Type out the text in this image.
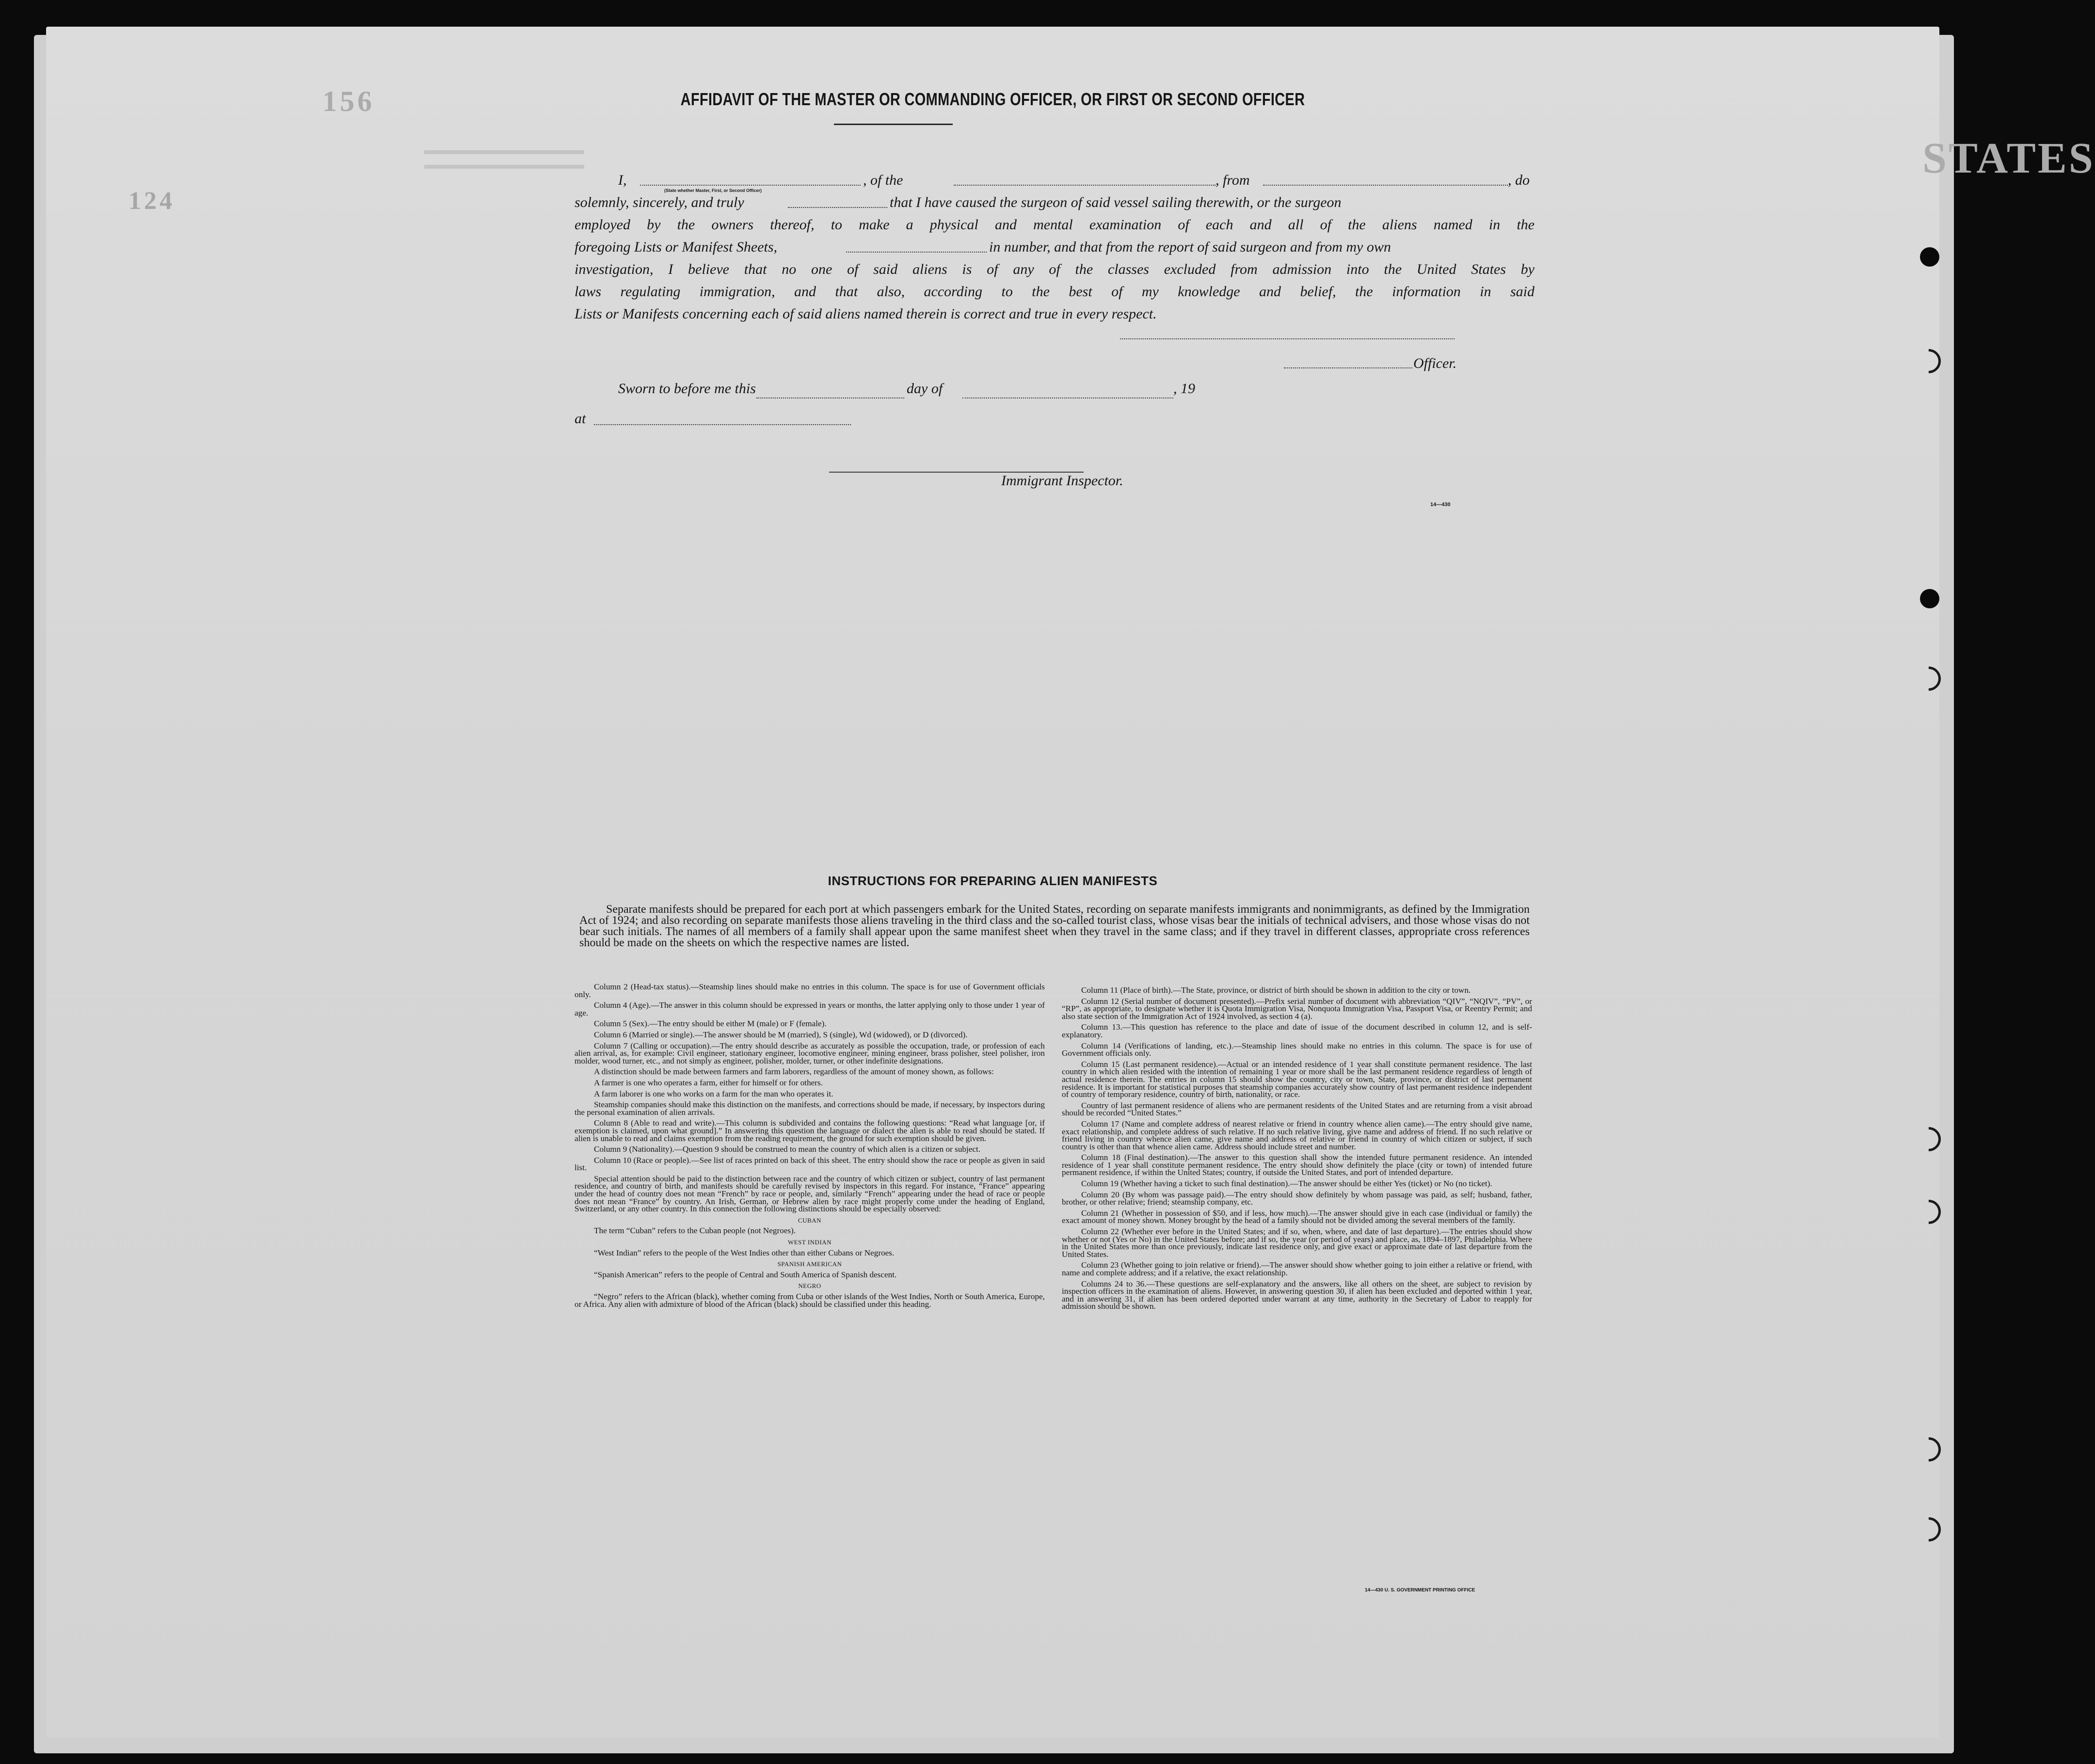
156
124
STATES
AFFIDAVIT OF THE MASTER OR COMMANDING OFFICER, OR FIRST OR SECOND OFFICER
I,	, of the	, from	, do
(State whether Master, First, or Second Officer)
solemnly, sincerely, and truly	that I have caused the surgeon of said vessel sailing therewith, or the surgeon
employed by the owners thereof, to make a physical and mental examination of each and all of the aliens named in the
foregoing Lists or Manifest Sheets,	in number, and that from the report of said surgeon and from my own
investigation, I believe that no one of said aliens is of any of the classes excluded from admission into the United States by
laws regulating immigration, and that also, according to the best of my knowledge and belief, the information in said
Lists or Manifests concerning each of said aliens named therein is correct and true in every respect.
Officer.
Sworn to before me this	day of	, 19
at
Immigrant Inspector.
14—430
INSTRUCTIONS FOR PREPARING ALIEN MANIFESTS

Separate manifests should be prepared for each port at which passengers embark for the United States, recording on separate manifests immigrants and nonimmigrants, as defined by the Immigration Act of 1924; and also recording on separate manifests those aliens traveling in the third class and the so-called tourist class, whose visas bear the initials of technical advisers, and those whose visas do not bear such initials. The names of all members of a family shall appear upon the same manifest sheet when they travel in the same class; and if they travel in different classes, appropriate cross references should be made on the sheets on which the respective names are listed.

Column 2 (Head-tax status).—Steamship lines should make no entries in this column. The space is for use of Government officials only.

Column 4 (Age).—The answer in this column should be expressed in years or months, the latter applying only to those under 1 year of age.

Column 5 (Sex).—The entry should be either M (male) or F (female).

Column 6 (Married or single).—The answer should be M (married), S (single), Wd (widowed), or D (divorced).

Column 7 (Calling or occupation).—The entry should describe as accurately as possible the occupation, trade, or profession of each alien arrival, as, for example: Civil engineer, stationary engineer, locomotive engineer, mining engineer, brass polisher, steel polisher, iron molder, wood turner, etc., and not simply as engineer, polisher, molder, turner, or other indefinite designations.

A distinction should be made between farmers and farm laborers, regardless of the amount of money shown, as follows:

A farmer is one who operates a farm, either for himself or for others.

A farm laborer is one who works on a farm for the man who operates it.

Steamship companies should make this distinction on the manifests, and corrections should be made, if necessary, by inspectors during the personal examination of alien arrivals.

Column 8 (Able to read and write).—This column is subdivided and contains the following questions: “Read what language [or, if exemption is claimed, upon what ground].” In answering this question the language or dialect the alien is able to read should be stated. If alien is unable to read and claims exemption from the reading requirement, the ground for such exemption should be given.

Column 9 (Nationality).—Question 9 should be construed to mean the country of which alien is a citizen or subject.

Column 10 (Race or people).—See list of races printed on back of this sheet. The entry should show the race or people as given in said list.

Special attention should be paid to the distinction between race and the country of which citizen or subject, country of last permanent residence, and country of birth, and manifests should be carefully revised by inspectors in this regard. For instance, “France” appearing under the head of country does not mean “French” by race or people, and, similarly “French” appearing under the head of race or people does not mean “France” by country. An Irish, German, or Hebrew alien by race might properly come under the heading of England, Switzerland, or any other country. In this connection the following distinctions should be especially observed:

CUBAN

The term “Cuban” refers to the Cuban people (not Negroes).

WEST INDIAN

“West Indian” refers to the people of the West Indies other than either Cubans or Negroes.

SPANISH AMERICAN

“Spanish American” refers to the people of Central and South America of Spanish descent.

NEGRO

“Negro” refers to the African (black), whether coming from Cuba or other islands of the West Indies, North or South America, Europe, or Africa. Any alien with admixture of blood of the African (black) should be classified under this heading.

Column 11 (Place of birth).—The State, province, or district of birth should be shown in addition to the city or town.

Column 12 (Serial number of document presented).—Prefix serial number of document with abbreviation “QIV”, “NQIV”, “PV”, or “RP”, as appropriate, to designate whether it is Quota Immigration Visa, Nonquota Immigration Visa, Passport Visa, or Reentry Permit; and also state section of the Immigration Act of 1924 involved, as section 4 (a).

Column 13.—This question has reference to the place and date of issue of the document described in column 12, and is self-explanatory.

Column 14 (Verifications of landing, etc.).—Steamship lines should make no entries in this column. The space is for use of Government officials only.

Column 15 (Last permanent residence).—Actual or an intended residence of 1 year shall constitute permanent residence. The last country in which alien resided with the intention of remaining 1 year or more shall be the last permanent residence regardless of length of actual residence therein. The entries in column 15 should show the country, city or town, State, province, or district of last permanent residence. It is important for statistical purposes that steamship companies accurately show country of last permanent residence independent of country of temporary residence, country of birth, nationality, or race.

Country of last permanent residence of aliens who are permanent residents of the United States and are returning from a visit abroad should be recorded “United States.”

Column 17 (Name and complete address of nearest relative or friend in country whence alien came).—The entry should give name, exact relationship, and complete address of such relative. If no such relative living, give name and address of friend. If no such relative or friend living in country whence alien came, give name and address of relative or friend in country of which citizen or subject, if such country is other than that whence alien came. Address should include street and number.

Column 18 (Final destination).—The answer to this question shall show the intended future permanent residence. An intended residence of 1 year shall constitute permanent residence. The entry should show definitely the place (city or town) of intended future permanent residence, if within the United States; country, if outside the United States, and port of intended departure.

Column 19 (Whether having a ticket to such final destination).—The answer should be either Yes (ticket) or No (no ticket).

Column 20 (By whom was passage paid).—The entry should show definitely by whom passage was paid, as self; husband, father, brother, or other relative; friend; steamship company, etc.

Column 21 (Whether in possession of $50, and if less, how much).—The answer should give in each case (individual or family) the exact amount of money shown. Money brought by the head of a family should not be divided among the several members of the family.

Column 22 (Whether ever before in the United States; and if so, when, where, and date of last departure).—The entries should show whether or not (Yes or No) in the United States before; and if so, the year (or period of years) and place, as, 1894–1897, Philadelphia. Where in the United States more than once previously, indicate last residence only, and give exact or approximate date of last departure from the United States.

Column 23 (Whether going to join relative or friend).—The answer should show whether going to join either a relative or friend, with name and complete address; and if a relative, the exact relationship.

Columns 24 to 36.—These questions are self-explanatory and the answers, like all others on the sheet, are subject to revision by inspection officers in the examination of aliens. However, in answering question 30, if alien has been excluded and deported within 1 year, and in answering 31, if alien has been ordered deported under warrant at any time, authority in the Secretary of Labor to reapply for admission should be shown.

14—430 U. S. GOVERNMENT PRINTING OFFICE
